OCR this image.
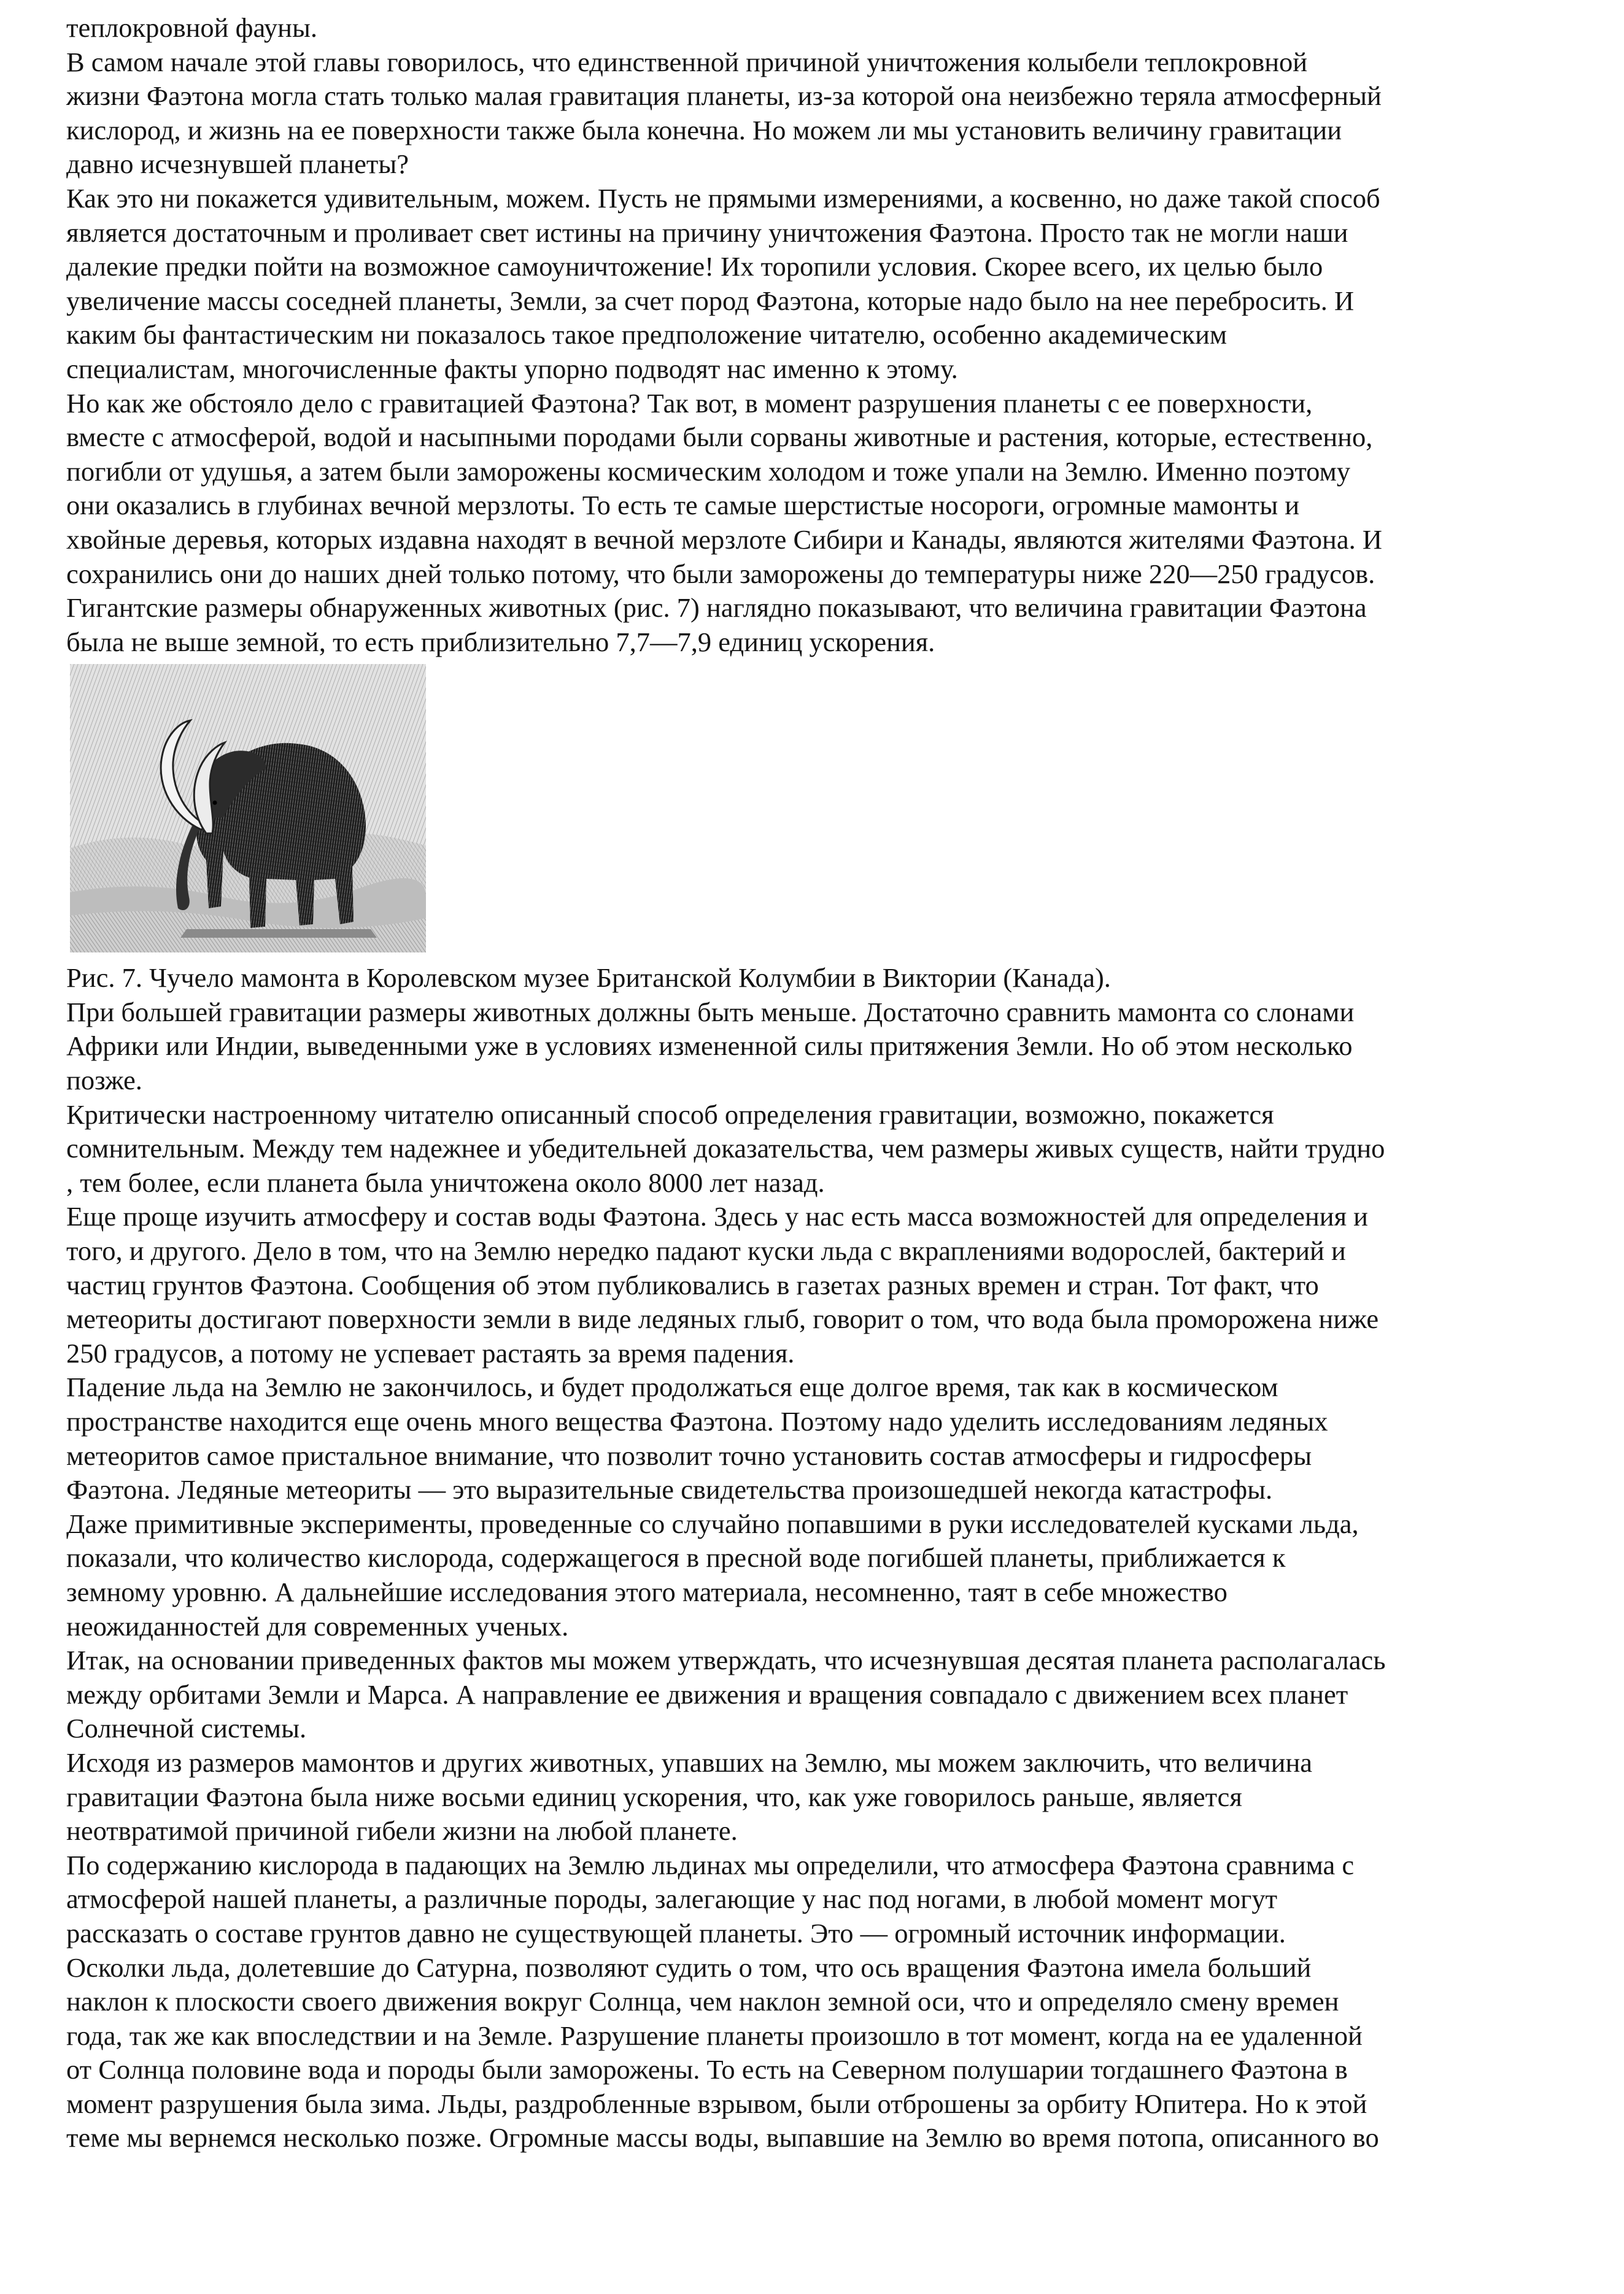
теплокровной фауны.
В самом начале этой главы говорилось, что единственной причиной уничтожения колыбели теплокровной
жизни Фаэтона могла стать только малая гравитация планеты, из-за которой она неизбежно теряла атмосферный
кислород, и жизнь на ее поверхности также была конечна. Но можем ли мы установить величину гравитации
давно исчезнувшей планеты?
Как это ни покажется удивительным, можем. Пусть не прямыми измерениями, а косвенно, но даже такой способ
является достаточным и проливает свет истины на причину уничтожения Фаэтона. Просто так не могли наши
далекие предки пойти на возможное самоуничтожение! Их торопили условия. Скорее всего, их целью было
увеличение массы соседней планеты, Земли, за счет пород Фаэтона, которые надо было на нее перебросить. И
каким бы фантастическим ни показалось такое предположение читателю, особенно академическим
специалистам, многочисленные факты упорно подводят нас именно к этому.
Но как же обстояло дело с гравитацией Фаэтона? Так вот, в момент разрушения планеты с ее поверхности,
вместе с атмосферой, водой и насыпными породами были сорваны животные и растения, которые, естественно,
погибли от удушья, а затем были заморожены космическим холодом и тоже упали на Землю. Именно поэтому
они оказались в глубинах вечной мерзлоты. То есть те самые шерстистые носороги, огромные мамонты и
хвойные деревья, которых издавна находят в вечной мерзлоте Сибири и Канады, являются жителями Фаэтона. И
сохранились они до наших дней только потому, что были заморожены до температуры ниже 220—250 градусов.
Гигантские размеры обнаруженных животных (рис. 7) наглядно показывают, что величина гравитации Фаэтона
была не выше земной, то есть приблизительно 7,7—7,9 единиц ускорения.
Рис. 7. Чучело мамонта в Королевском музее Британской Колумбии в Виктории (Канада).
При большей гравитации размеры животных должны быть меньше. Достаточно сравнить мамонта со слонами
Африки или Индии, выведенными уже в условиях измененной силы притяжения Земли. Но об этом несколько
позже.
Критически настроенному читателю описанный способ определения гравитации, возможно, покажется
сомнительным. Между тем надежнее и убедительней доказательства, чем размеры живых существ, найти трудно
, тем более, если планета была уничтожена около 8000 лет назад.
Еще проще изучить атмосферу и состав воды Фаэтона. Здесь у нас есть масса возможностей для определения и
того, и другого. Дело в том, что на Землю нередко падают куски льда с вкраплениями водорослей, бактерий и
частиц грунтов Фаэтона. Сообщения об этом публиковались в газетах разных времен и стран. Тот факт, что
метеориты достигают поверхности земли в виде ледяных глыб, говорит о том, что вода была проморожена ниже
250 градусов, а потому не успевает растаять за время падения.
Падение льда на Землю не закончилось, и будет продолжаться еще долгое время, так как в космическом
пространстве находится еще очень много вещества Фаэтона. Поэтому надо уделить исследованиям ледяных
метеоритов самое пристальное внимание, что позволит точно установить состав атмосферы и гидросферы
Фаэтона. Ледяные метеориты — это выразительные свидетельства произошедшей некогда катастрофы.
Даже примитивные эксперименты, проведенные со случайно попавшими в руки исследователей кусками льда,
показали, что количество кислорода, содержащегося в пресной воде погибшей планеты, приближается к
земному уровню. А дальнейшие исследования этого материала, несомненно, таят в себе множество
неожиданностей для современных ученых.
Итак, на основании приведенных фактов мы можем утверждать, что исчезнувшая десятая планета располагалась
между орбитами Земли и Марса. А направление ее движения и вращения совпадало с движением всех планет
Солнечной системы.
Исходя из размеров мамонтов и других животных, упавших на Землю, мы можем заключить, что величина
гравитации Фаэтона была ниже восьми единиц ускорения, что, как уже говорилось раньше, является
неотвратимой причиной гибели жизни на любой планете.
По содержанию кислорода в падающих на Землю льдинах мы определили, что атмосфера Фаэтона сравнима с
атмосферой нашей планеты, а различные породы, залегающие у нас под ногами, в любой момент могут
рассказать о составе грунтов давно не существующей планеты. Это — огромный источник информации.
Осколки льда, долетевшие до Сатурна, позволяют судить о том, что ось вращения Фаэтона имела больший
наклон к плоскости своего движения вокруг Солнца, чем наклон земной оси, что и определяло смену времен
года, так же как впоследствии и на Земле. Разрушение планеты произошло в тот момент, когда на ее удаленной
от Солнца половине вода и породы были заморожены. То есть на Северном полушарии тогдашнего Фаэтона в
момент разрушения была зима. Льды, раздробленные взрывом, были отброшены за орбиту Юпитера. Но к этой
теме мы вернемся несколько позже. Огромные массы воды, выпавшие на Землю во время потопа, описанного во
